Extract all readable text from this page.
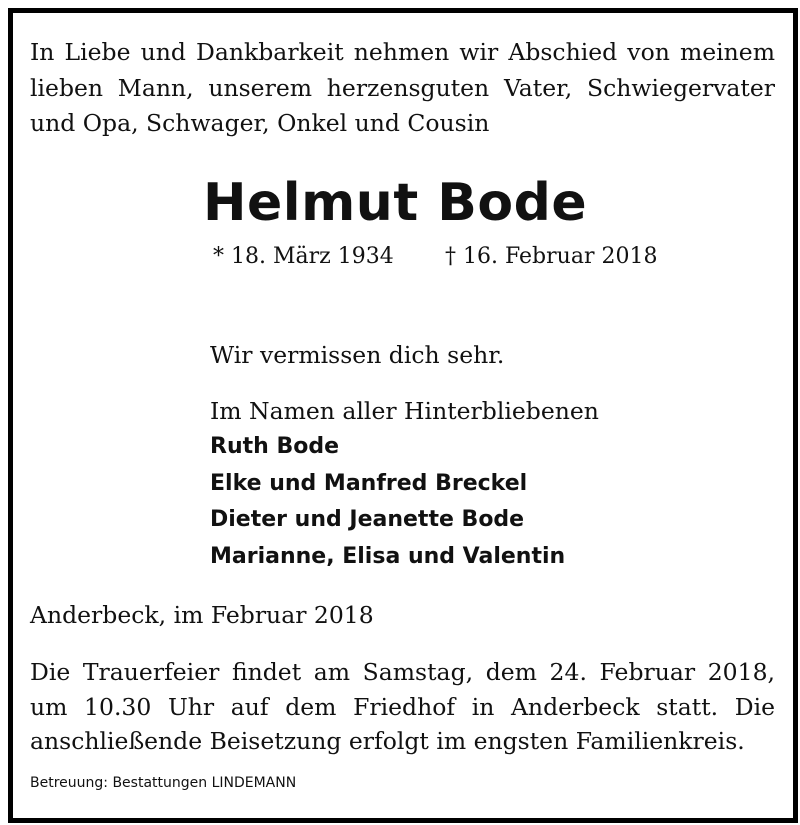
In Liebe und Dankbarkeit nehmen wir Abschied von meinem lieben Mann, unserem herzensguten Vater, Schwiegervater und Opa, Schwager, Onkel und Cousin
Helmut Bode
* 18. März 1934 † 16. Februar 2018
Wir vermissen dich sehr.
Im Namen aller Hinterbliebenen
Ruth Bode
Elke und Manfred Breckel
Dieter und Jeanette Bode
Marianne, Elisa und Valentin
Anderbeck, im Februar 2018
Die Trauerfeier findet am Samstag, dem 24. Februar 2018, um 10.30 Uhr auf dem Friedhof in Anderbeck statt. Die anschließende Beisetzung erfolgt im engsten Familienkreis.
Betreuung: Bestattungen LINDEMANN
